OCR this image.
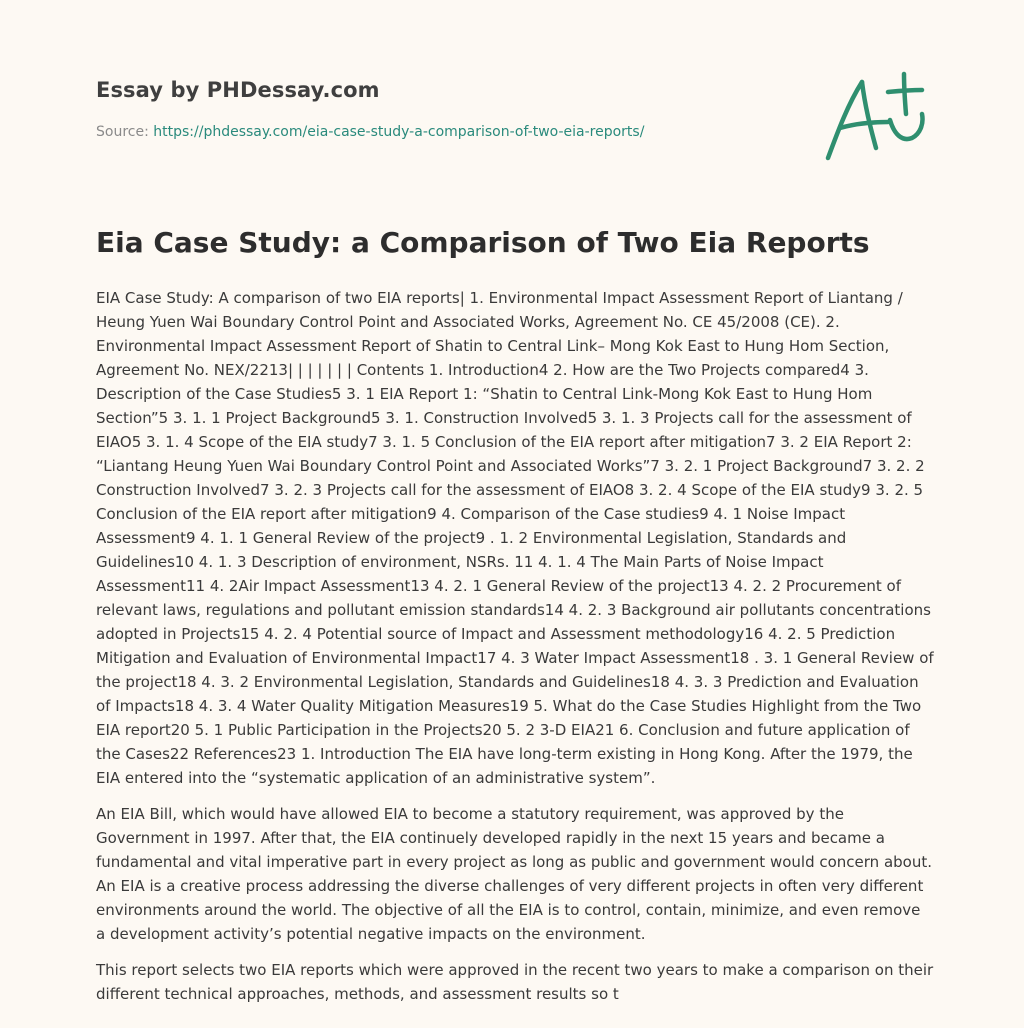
Essay by PHDessay.com
Source: https://phdessay.com/eia-case-study-a-comparison-of-two-eia-reports/
Eia Case Study: a Comparison of Two Eia Reports

EIA Case Study: A comparison of two EIA reports| 1. Environmental Impact Assessment Report of Liantang / Heung Yuen Wai Boundary Control Point and Associated Works, Agreement No. CE 45/2008 (CE). 2. Environmental Impact Assessment Report of Shatin to Central Link– Mong Kok East to Hung Hom Section, Agreement No. NEX/2213| | | | | | | Contents 1. Introduction4 2. How are the Two Projects compared4 3. Description of the Case Studies5 3. 1 EIA Report 1: “Shatin to Central Link-Mong Kok East to Hung Hom Section”5 3. 1. 1 Project Background5 3. 1. Construction Involved5 3. 1. 3 Projects call for the assessment of EIAO5 3. 1. 4 Scope of the EIA study7 3. 1. 5 Conclusion of the EIA report after mitigation7 3. 2 EIA Report 2: “Liantang Heung Yuen Wai Boundary Control Point and Associated Works”7 3. 2. 1 Project Background7 3. 2. 2 Construction Involved7 3. 2. 3 Projects call for the assessment of EIAO8 3. 2. 4 Scope of the EIA study9 3. 2. 5 Conclusion of the EIA report after mitigation9 4. Comparison of the Case studies9 4. 1 Noise Impact Assessment9 4. 1. 1 General Review of the project9 . 1. 2 Environmental Legislation, Standards and Guidelines10 4. 1. 3 Description of environment, NSRs. 11 4. 1. 4 The Main Parts of Noise Impact Assessment11 4. 2Air Impact Assessment13 4. 2. 1 General Review of the project13 4. 2. 2 Procurement of relevant laws, regulations and pollutant emission standards14 4. 2. 3 Background air pollutants concentrations adopted in Projects15 4. 2. 4 Potential source of Impact and Assessment methodology16 4. 2. 5 Prediction Mitigation and Evaluation of Environmental Impact17 4. 3 Water Impact Assessment18 . 3. 1 General Review of the project18 4. 3. 2 Environmental Legislation, Standards and Guidelines18 4. 3. 3 Prediction and Evaluation of Impacts18 4. 3. 4 Water Quality Mitigation Measures19 5. What do the Case Studies Highlight from the Two EIA report20 5. 1 Public Participation in the Projects20 5. 2 3-D EIA21 6. Conclusion and future application of the Cases22 References23 1. Introduction The EIA have long-term existing in Hong Kong. After the 1979, the EIA entered into the “systematic application of an administrative system”.

An EIA Bill, which would have allowed EIA to become a statutory requirement, was approved by the Government in 1997. After that, the EIA continuely developed rapidly in the next 15 years and became a fundamental and vital imperative part in every project as long as public and government would concern about. An EIA is a creative process addressing the diverse challenges of very different projects in often very different environments around the world. The objective of all the EIA is to control, contain, minimize, and even remove a development activity’s potential negative impacts on the environment.

This report selects two EIA reports which were approved in the recent two years to make a comparison on their different technical approaches, methods, and assessment results so t
